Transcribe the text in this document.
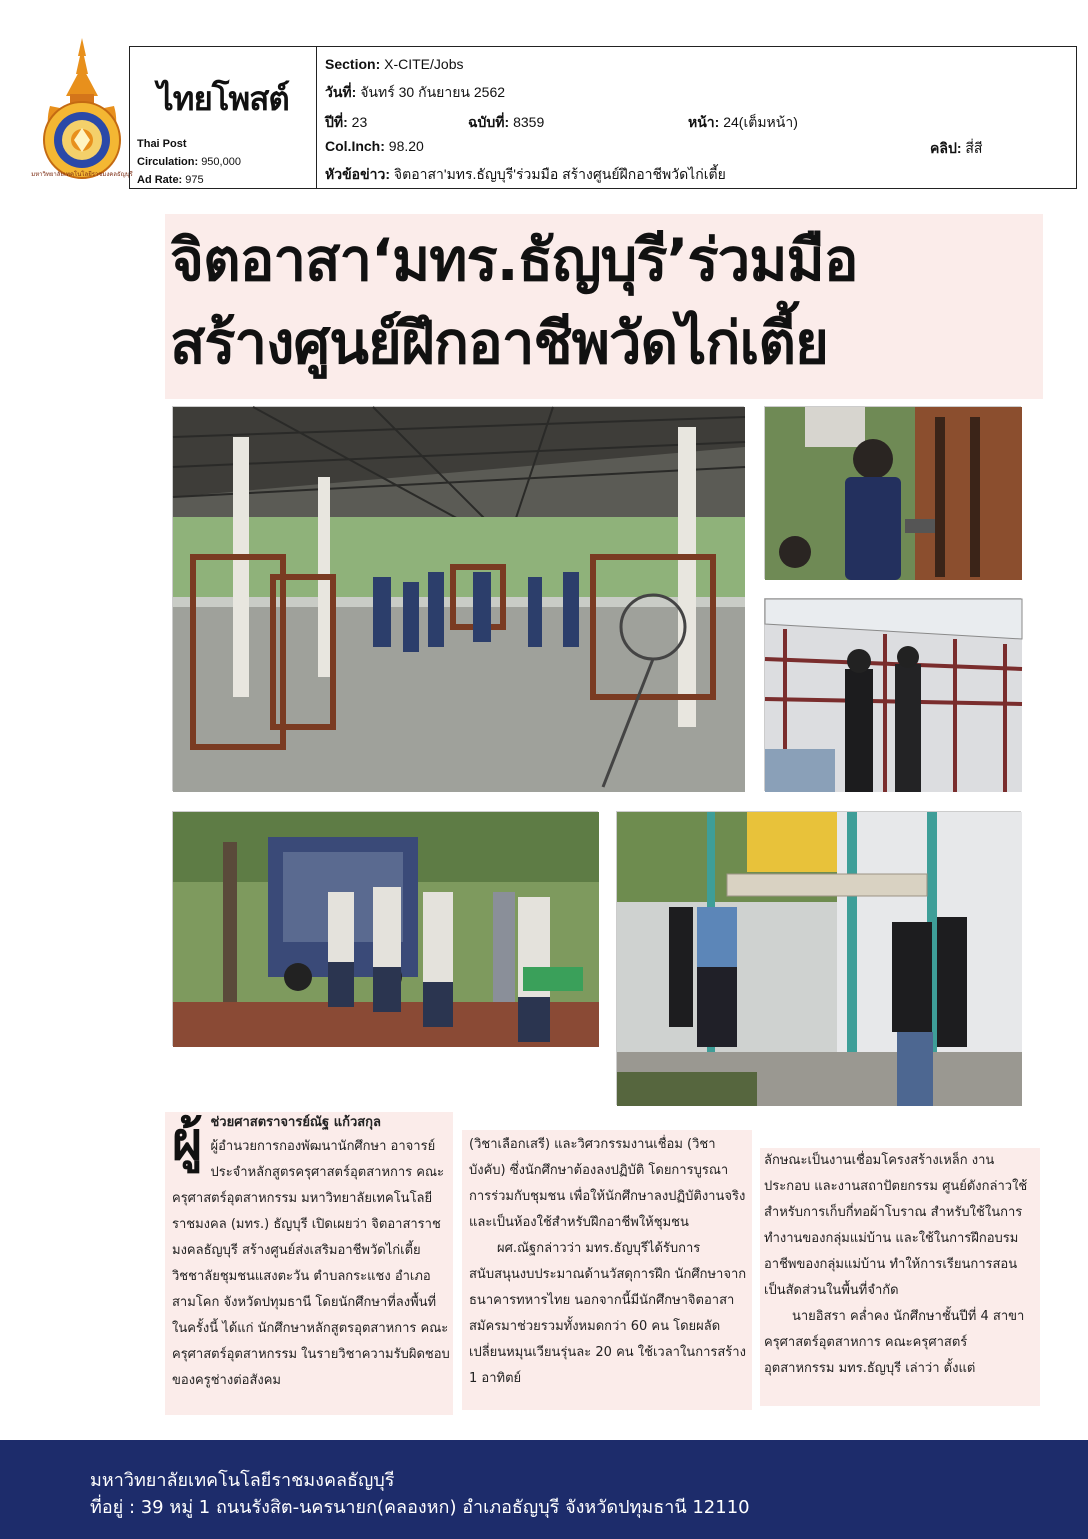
มหาวิทยาลัยเทคโนโลยีราชมงคลธัญบุรี
ไทยโพสต์
Thai Post
Circulation: 950,000
Ad Rate: 975
Section: X-CITE/Jobs
วันที่: จันทร์ 30 กันยายน 2562
ปีที่: 23	ฉบับที่: 8359	หน้า: 24(เต็มหน้า)
Col.Inch: 98.20	คลิป: สี่สี
หัวข้อข่าว: จิตอาสา'มทร.ธัญบุรี'ร่วมมือ สร้างศูนย์ฝึกอาชีพวัดไก่เตี้ย
จิตอาสา‘มทร.ธัญบุรี’ร่วมมือ
สร้างศูนย์ฝึกอาชีพวัดไก่เตี้ย
ผู้ ช่วยศาสตราจารย์ณัฐ แก้วสกุล

ผู้อำนวยการกองพัฒนานักศึกษา อาจารย์ประจำหลักสูตรครุศาสตร์อุตสาหการ คณะครุศาสตร์อุตสาหกรรม มหาวิทยาลัยเทคโนโลยีราชมงคล (มทร.) ธัญบุรี เปิดเผยว่า จิตอาสาราชมงคลธัญบุรี สร้างศูนย์ส่งเสริมอาชีพวัดไก่เตี้ย วิชชาลัยชุมชนแสงตะวัน ตำบลกระแชง อำเภอสามโคก จังหวัดปทุมธานี โดยนักศึกษาที่ลงพื้นที่ในครั้งนี้ ได้แก่ นักศึกษาหลักสูตรอุตสาหการ คณะครุศาสตร์อุตสาหกรรม ในรายวิชาความรับผิดชอบของครูช่างต่อสังคม

(วิชาเลือกเสรี) และวิศวกรรมงานเชื่อม (วิชาบังคับ) ซึ่งนักศึกษาต้องลงปฏิบัติ โดยการบูรณาการร่วมกับชุมชน เพื่อให้นักศึกษาลงปฏิบัติงานจริงและเป็นห้องใช้สำหรับฝึกอาชีพให้ชุมชน

ผศ.ณัฐกล่าวว่า มทร.ธัญบุรีได้รับการสนับสนุนงบประมาณด้านวัสดุการฝึก นักศึกษาจากธนาคารทหารไทย นอกจากนี้มีนักศึกษาจิตอาสาสมัครมาช่วยรวมทั้งหมดกว่า 60 คน โดยผลัดเปลี่ยนหมุนเวียนรุ่นละ 20 คน ใช้เวลาในการสร้าง 1 อาทิตย์

ลักษณะเป็นงานเชื่อมโครงสร้างเหล็ก งานประกอบ และงานสถาปัตยกรรม ศูนย์ดังกล่าวใช้สำหรับการเก็บกี่ทอผ้าโบราณ สำหรับใช้ในการทำงานของกลุ่มแม่บ้าน และใช้ในการฝึกอบรมอาชีพของกลุ่มแม่บ้าน ทำให้การเรียนการสอนเป็นสัดส่วนในพื้นที่จำกัด

นายอิสรา คล่ำคง นักศึกษาชั้นปีที่ 4 สาขาครุศาสตร์อุตสาหการ คณะครุศาสตร์อุตสาหกรรม มทร.ธัญบุรี เล่าว่า ตั้งแต่

มหาวิทยาลัยเทคโนโลยีราชมงคลธัญบุรี
ที่อยู่ : 39 หมู่ 1 ถนนรังสิต-นครนายก(คลองหก) อำเภอธัญบุรี จังหวัดปทุมธานี 12110
